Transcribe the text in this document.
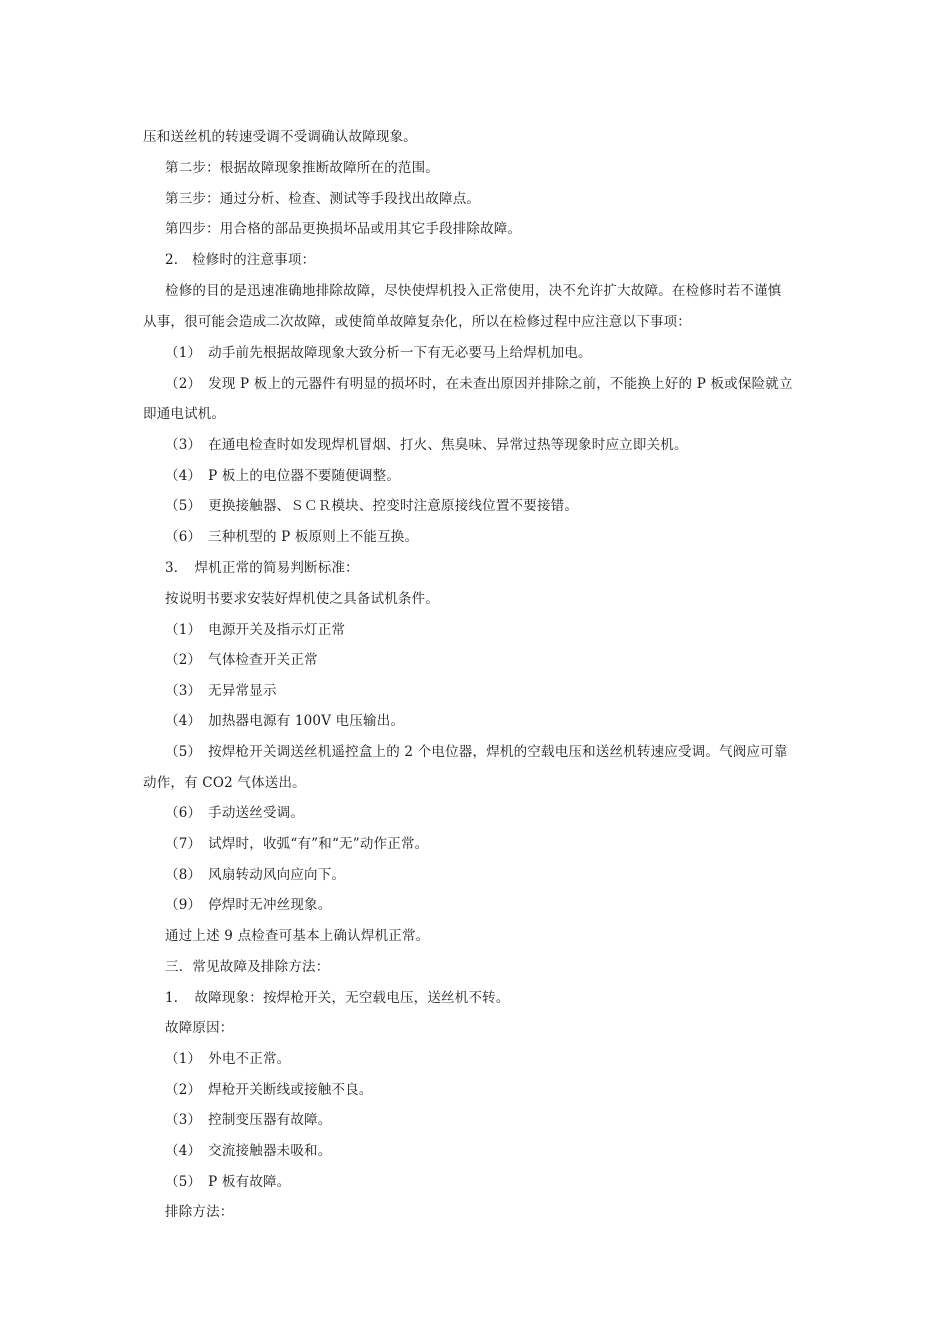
压和送丝机的转速受调不受调确认故障现象。
第二步：根据故障现象推断故障所在的范围。
第三步：通过分析、检查、测试等手段找出故障点。
第四步：用合格的部品更换损坏品或用其它手段排除故障。
2.　检修时的注意事项：
检修的目的是迅速准确地排除故障，尽快使焊机投入正常使用，决不允许扩大故障。在检修时若不谨慎
从事，很可能会造成二次故障，或使简单故障复杂化，所以在检修过程中应注意以下事项：
（1）　动手前先根据故障现象大致分析一下有无必要马上给焊机加电。
（2）　发现 P 板上的元器件有明显的损坏时，在未查出原因并排除之前，不能换上好的 P 板或保险就立
即通电试机。
（3）　在通电检查时如发现焊机冒烟、打火、焦臭味、异常过热等现象时应立即关机。
（4）　P 板上的电位器不要随便调整。
（5）　更换接触器、ＳＣＲ模块、控变时注意原接线位置不要接错。
（6）　三种机型的 P 板原则上不能互换。
3．　焊机正常的简易判断标准：
按说明书要求安装好焊机使之具备试机条件。
（1）　电源开关及指示灯正常
（2）　气体检查开关正常
（3）　无异常显示
（4）　加热器电源有 100V 电压输出。
（5）　按焊枪开关调送丝机遥控盒上的 2 个电位器，焊机的空载电压和送丝机转速应受调。气阀应可靠
动作，有 CO2 气体送出。
（6）　手动送丝受调。
（7）　试焊时，收弧“有”和“无”动作正常。
（8）　风扇转动风向应向下。
（9）　停焊时无冲丝现象。
通过上述 9 点检查可基本上确认焊机正常。
三．常见故障及排除方法：
1．　故障现象：按焊枪开关，无空载电压，送丝机不转。
故障原因：
（1）　外电不正常。
（2）　焊枪开关断线或接触不良。
（3）　控制变压器有故障。
（4）　交流接触器未吸和。
（5）　P 板有故障。
排除方法：
